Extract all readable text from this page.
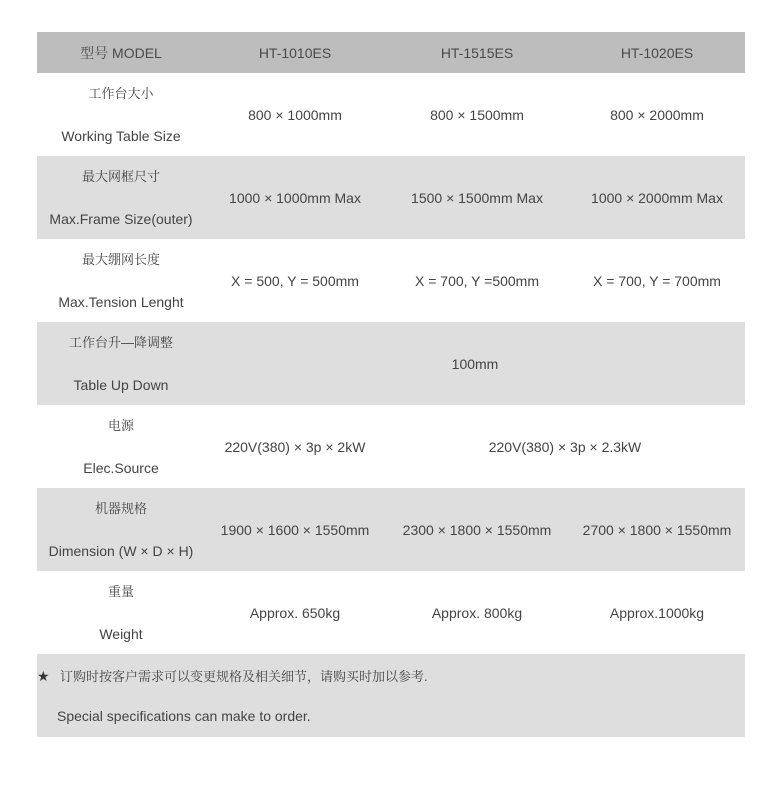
型号 MODEL	HT-1010ES	HT-1515ES	HT-1020ES

工作台大小
Working Table Size	800 × 1000mm	800 × 1500mm	800 × 2000mm

最大网框尺寸
Max.Frame Size(outer)	1000 × 1000mm Max	1500 × 1500mm Max	1000 × 2000mm Max

最大绷网长度
Max.Tension Lenght	X = 500, Y = 500mm	X = 700, Y =500mm	X = 700, Y = 700mm

工作台升—降调整
Table Up Down	100mm		

电源
Elec.Source	220V(380) × 3p × 2kW	220V(380) × 3p × 2.3kW	

机器规格
Dimension (W × D × H)	1900 × 1600 × 1550mm	2300 × 1800 × 1550mm	2700 × 1800 × 1550mm

重量
Weight	Approx. 650kg	Approx. 800kg	Approx.1000kg
★ 订购时按客户需求可以变更规格及相关细节，请购买时加以参考.
Special specifications can make to order.
